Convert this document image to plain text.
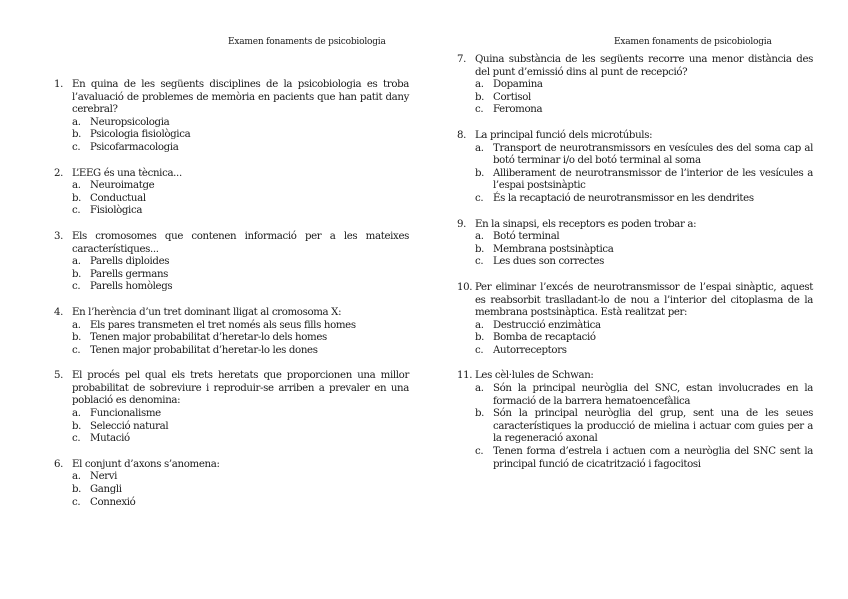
Examen fonaments de psicobiologia
1. En quina de les següents disciplines de la psicobiologia es troba l’avaluació de problemes de memòria en pacients que han patit dany cerebral?
a. Neuropsicologia
b. Psicologia fisiològica
c. Psicofarmacologia
2. L’EEG és una tècnica...
a. Neuroimatge
b. Conductual
c. Fisiològica
3. Els cromosomes que contenen informació per a les mateixes característiques...
a. Parells diploides
b. Parells germans
c. Parells homòlegs
4. En l’herència d’un tret dominant lligat al cromosoma X:
a. Els pares transmeten el tret només als seus fills homes
b. Tenen major probabilitat d’heretar-lo dels homes
c. Tenen major probabilitat d’heretar-lo les dones
5. El procés pel qual els trets heretats que proporcionen una millor probabilitat de sobreviure i reproduir-se arriben a prevaler en una població es denomina:
a. Funcionalisme
b. Selecció natural
c. Mutació
6. El conjunt d’axons s’anomena:
a. Nervi
b. Gangli
c. Connexió
Examen fonaments de psicobiologia
7. Quina substància de les següents recorre una menor distància des del punt d’emissió dins al punt de recepció?
a. Dopamina
b. Cortisol
c. Feromona
8. La principal funció dels microtúbuls:
a. Transport de neurotransmissors en vesícules des del soma cap al botó terminar i/o del botó terminal al soma
b. Alliberament de neurotransmissor de l’interior de les vesícules a l’espai postsinàptic
c. És la recaptació de neurotransmissor en les dendrites
9. En la sinapsi, els receptors es poden trobar a:
a. Botó terminal
b. Membrana postsinàptica
c. Les dues son correctes
10. Per eliminar l’excés de neurotransmissor de l’espai sinàptic, aquest es reabsorbit traslladant-lo de nou a l’interior del citoplasma de la membrana postsinàptica. Està realitzat per:
a. Destrucció enzimàtica
b. Bomba de recaptació
c. Autorreceptors
11. Les cèl·lules de Schwan:
a. Són la principal neuròglia del SNC, estan involucrades en la formació de la barrera hematoencefàlica
b. Són la principal neuròglia del grup, sent una de les seues característiques la producció de mielina i actuar com guies per a la regeneració axonal
c. Tenen forma d’estrela i actuen com a neuròglia del SNC sent la principal funció de cicatrització i fagocitosi
